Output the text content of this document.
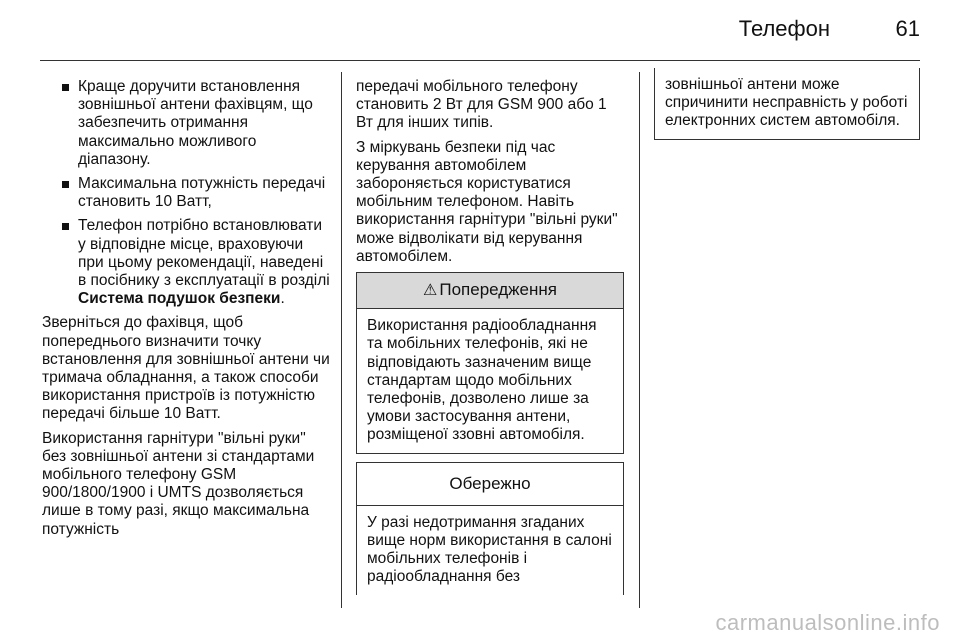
Телефон	61
Краще доручити встановлення зовнішньої антени фахівцям, що забезпечить отримання максимально можливого діапазону.
Максимальна потужність передачі становить 10 Ватт,
Телефон потрібно встановлювати у відповідне місце, враховуючи при цьому рекомендації, наведені в посібнику з експлуатації в розділі Система подушок безпеки.

Зверніться до фахівця, щоб попереднього визначити точку встановлення для зовнішньої антени чи тримача обладнання, а також способи використання пристроїв із потужністю передачі більше 10 Ватт.

Використання гарнітури "вільні руки" без зовнішньої антени зі стандартами мобільного телефону GSM 900/1800/1900 і UMTS дозволяється лише в тому разі, якщо максимальна потужність

передачі мобільного телефону становить 2 Вт для GSM 900 або 1 Вт для інших типів.

З міркувань безпеки під час керування автомобілем забороняється користуватися мобільним телефоном. Навіть використання гарнітури "вільні руки" може відволікати від керування автомобілем.

⚠ Попередження
Використання радіообладнання та мобільних телефонів, які не відповідають зазначеним вище стандартам щодо мобільних телефонів, дозволено лише за умови застосування антени, розміщеної ззовні автомобіля.
Обережно
У разі недотримання згаданих вище норм використання в салоні мобільних телефонів і радіообладнання без
зовнішньої антени може спричинити несправність у роботі електронних систем автомобіля.
carmanualsonline.info
